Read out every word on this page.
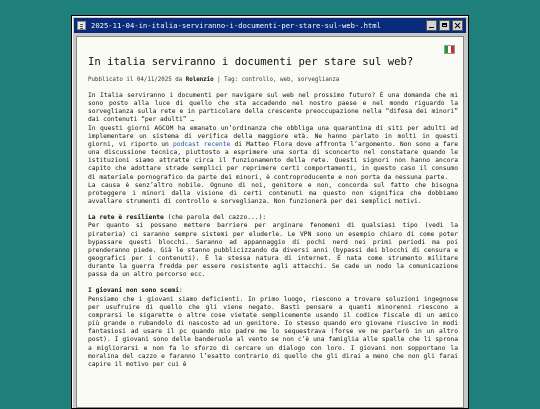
2025-11-04-in-italia-serviranno-i-documenti-per-stare-sul-web-.html
In italia serviranno i documenti per stare sul web?
Pubblicato il 04/11/2025 da Rolenzio | Tag: controllo, web, sorveglianza

In Italia serviranno i documenti per navigare sul web nel prossimo futuro? È una domanda che mi sono posto alla luce di quello che sta accadendo nel nostro paese e nel mondo riguardo la sorveglianza sulla rete e in particolare della crescente preoccupazione nella “difesa dei minori” dai contenuti “per adulti” …

In questi giorni AGCOM ha emanato un’ordinanza che obbliga una quarantina di siti per adulti ad implementare un sistema di verifica della maggiore età. Ne hanno parlato in molti in questi giorni, vi riporto un podcast recente di Matteo Flora dove affronta l’argomento. Non sono a fare una discussione tecnica, piuttosto a esprimere una sorta di sconcerto nel constatare quando le istituzioni siamo attratte circa il funzionamento della rete. Questi signori non hanno ancora capito che adottare strade semplici per reprimere certi comportamenti, in questo caso il consumo di materiale pornografico da parte dei minori, è controproducente e non porta da nessuna parte.

La causa è senz’altro nobile. Ognuno di noi, genitore e non, concorda sul fatto che bisogna proteggere i minori dalla visione di certi contenuti ma questo non significa che dobbiamo avvallare strumenti di controllo e sorveglianza. Non funzionerà per dei semplici motivi.

La rete è resiliente (che parola del cazzo...):

Per quanto si possano mettere barriere per arginare fenomeni di qualsiasi tipo (vedi la pirateria) ci saranno sempre sistemi per eluderle. Le VPN sono un esempio chiaro di come poter bypassare questi blocchi. Saranno ad appannaggio di pochi nerd nei primi periodi ma poi prenderanno piede. Già le stanno pubblicizzando da diversi anni (bypassi dei blocchi di censura e geografici per i contenuti). È la stessa natura di internet. È nata come strumento militare durante la guerra fredda per essere resistente agli attacchi. Se cade un nodo la comunicazione passa da un altro percorso ecc.

I giovani non sono scemi:

Pensiamo che i giovani siamo deficienti. In primo luogo, riescono a trovare soluzioni ingegnose per usufruire di quello che gli viene negato. Basti pensare a quanti minorenni riescono a comprarsi le sigarette o altre cose vietate semplicemente usando il codice fiscale di un amico più grande o rubandolo di nascosto ad un genitore. Io stesso quando ero giovane riuscivo in modi fantasiosi ad usare il pc quando mio padre me lo sequestrava (forse ve ne parlerò in un altro post). I giovani sono delle banderuole al vento se non c’è una famiglia alle spalle che li sprona a migliorarsi e non fa lo sforzo di cercare un dialogo con loro. I giovani non sopportano la moralina del cazzo e faranno l’esatto contrario di quello che gli dirai a meno che non gli farai capire il motivo per cui è
